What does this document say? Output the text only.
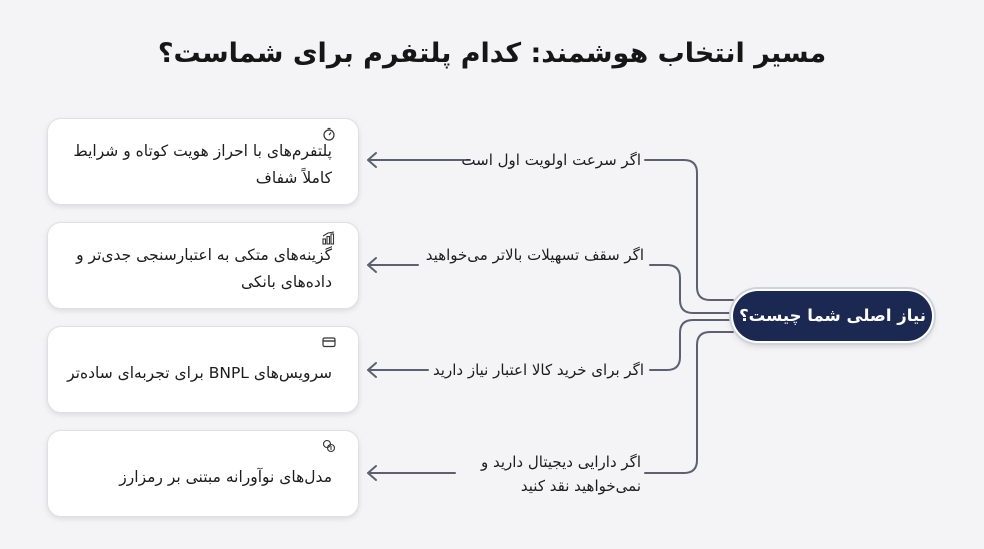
مسیر انتخاب هوشمند: کدام پلتفرم برای شماست؟
پلتفرم‌های با احراز هویت کوتاه و شرایط کاملاً شفاف
گزینه‌های متکی به اعتبارسنجی جدی‌تر و داده‌های بانکی
سرویس‌های BNPL برای تجربه‌ای ساده‌تر
مدل‌های نوآورانه مبتنی بر رمزارز
اگر سرعت اولویت اول است
اگر سقف تسهیلات بالاتر می‌خواهید
اگر برای خرید کالا اعتبار نیاز دارید
اگر دارایی دیجیتال دارید و نمی‌خواهید نقد کنید
نیاز اصلی شما چیست؟
